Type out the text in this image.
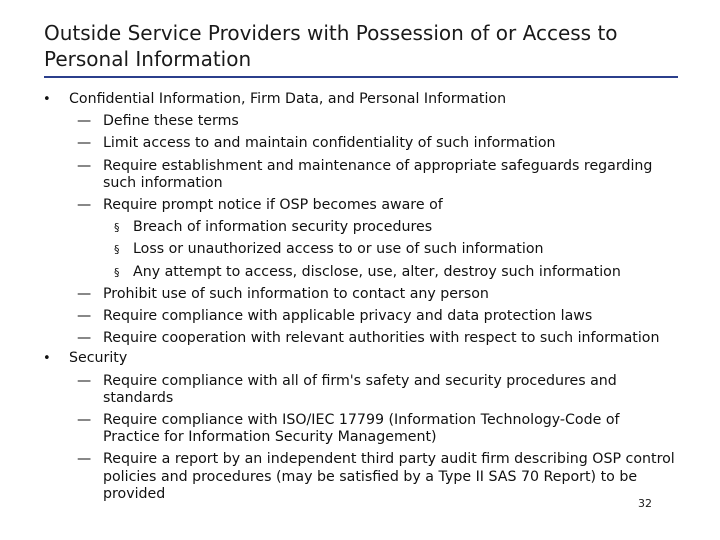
Outside Service Providers with Possession of or Access to Personal Information
• Confidential Information, Firm Data, and Personal Information
— Define these terms
— Limit access to and maintain confidentiality of such information
— Require establishment and maintenance of appropriate safeguards regarding such information
— Require prompt notice if OSP becomes aware of
§ Breach of information security procedures
§ Loss or unauthorized access to or use of such information
§ Any attempt to access, disclose, use, alter, destroy such information
— Prohibit use of such information to contact any person
— Require compliance with applicable privacy and data protection laws
— Require cooperation with relevant authorities with respect to such information
• Security
— Require compliance with all of firm's safety and security procedures and standards
— Require compliance with ISO/IEC 17799 (Information Technology-Code of Practice for Information Security Management)
— Require a report by an independent third party audit firm describing OSP control policies and procedures (may be satisfied by a Type II SAS 70 Report) to be provided
32
